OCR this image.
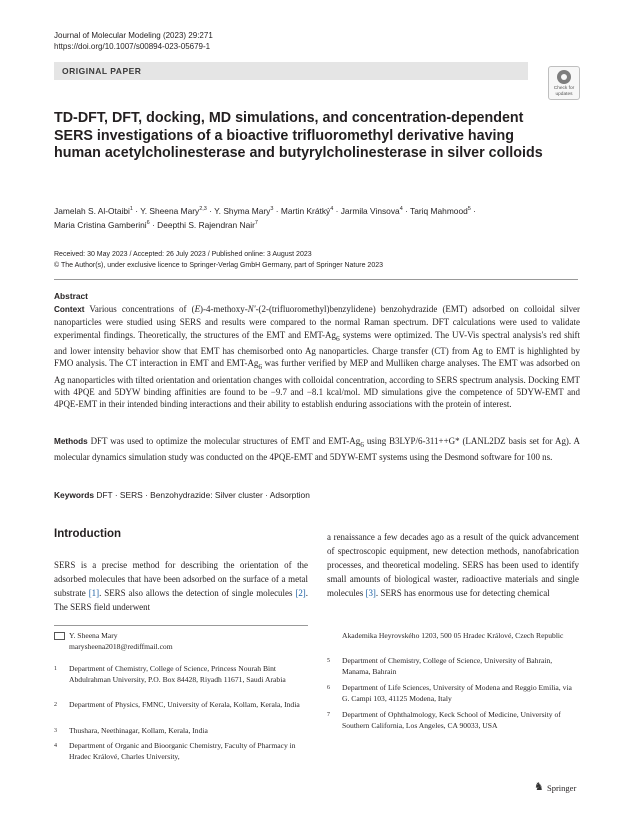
Journal of Molecular Modeling (2023) 29:271
https://doi.org/10.1007/s00894-023-05679-1
ORIGINAL PAPER
Check for updates
TD-DFT, DFT, docking, MD simulations, and concentration-dependent SERS investigations of a bioactive trifluoromethyl derivative having human acetylcholinesterase and butyrylcholinesterase in silver colloids
Jamelah S. Al-Otaibi$^1$ · Y. Sheena Mary$^{2,3}$ · Y. Shyma Mary$^3$ · Martin Krátký$^4$ · Jarmila Vinsova$^4$ · Tariq Mahmood$^5$ ·
Maria Cristina Gamberini$^6$ · Deepthi S. Rajendran Nair$^7$
Received: 30 May 2023 / Accepted: 26 July 2023 / Published online: 3 August 2023
© The Author(s), under exclusive licence to Springer-Verlag GmbH Germany, part of Springer Nature 2023
Abstract
Context Various concentrations of (E)-4-methoxy-N'-(2-(trifluoromethyl)benzylidene) benzohydrazide (EMT) adsorbed on colloidal silver nanoparticles were studied using SERS and results were compared to the normal Raman spectrum. DFT calculations were used to validate experimental findings. Theoretically, the structures of the EMT and EMT-$Ag_6$ systems were optimized. The UV-Vis spectral analysis's red shift and lower intensity behavior show that EMT has chemisorbed onto Ag nanoparticles. Charge transfer (CT) from Ag to EMT is highlighted by FMO analysis. The CT interaction in EMT and EMT-$Ag_6$ was further verified by MEP and Mulliken charge analyses. The EMT was adsorbed on Ag nanoparticles with tilted orientation and orientation changes with colloidal concentration, according to SERS spectrum analysis. Docking EMT with 4PQE and 5DYW binding affinities are found to be −9.7 and −8.1 kcal/mol. MD simulations give the competence of 5DYW-EMT and 4PQE-EMT in their intended binding interactions and their ability to establish enduring associations with the protein of interest.
Methods DFT was used to optimize the molecular structures of EMT and EMT-$Ag_6$ using B3LYP/6-311++G* (LANL2DZ basis set for Ag). A molecular dynamics simulation study was conducted on the 4PQE-EMT and 5DYW-EMT systems using the Desmond software for 100 ns.
Keywords DFT · SERS · Benzohydrazide: Silver cluster · Adsorption
Introduction
SERS is a precise method for describing the orientation of the adsorbed molecules that have been adsorbed on the surface of a metal substrate [1]. SERS also allows the detection of single molecules [2]. The SERS field underwent
a renaissance a few decades ago as a result of the quick advancement of spectroscopic equipment, new detection methods, nanofabrication processes, and theoretical modeling. SERS has been used to identify small amounts of biological waster, radioactive materials and single molecules [3]. SERS has enormous use for detecting chemical
Y. Sheena Mary
marysheena2018@rediffmail.com
1 Department of Chemistry, College of Science, Princess Nourah Bint Abdulrahman University, P.O. Box 84428, Riyadh 11671, Saudi Arabia
2 Department of Physics, FMNC, University of Kerala, Kollam, Kerala, India
3 Thushara, Neethinagar, Kollam, Kerala, India
4 Department of Organic and Bioorganic Chemistry, Faculty of Pharmacy in Hradec Králové, Charles University,
Akademika Heyrovského 1203, 500 05 Hradec Králové, Czech Republic
5 Department of Chemistry, College of Science, University of Bahrain, Manama, Bahrain
6 Department of Life Sciences, University of Modena and Reggio Emilia, via G. Campi 103, 41125 Modena, Italy
7 Department of Ophthalmology, Keck School of Medicine, University of Southern California, Los Angeles, CA 90033, USA
♞ Springer
